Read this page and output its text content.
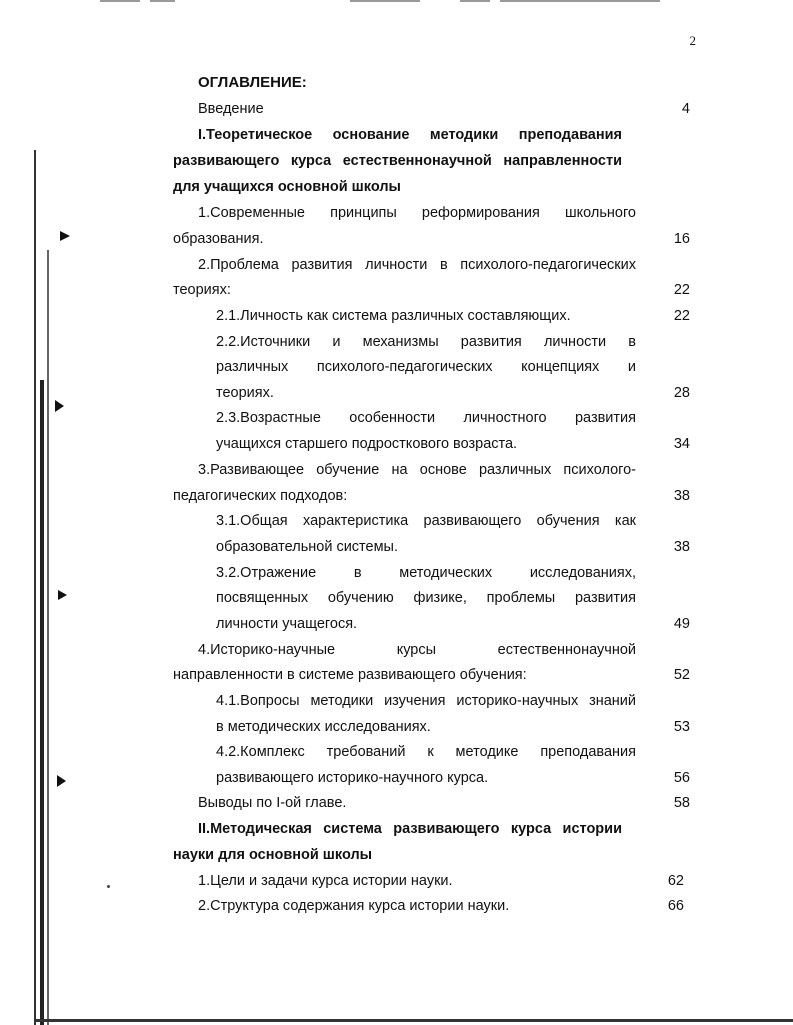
2
ОГЛАВЛЕНИЕ:
Введение	4
I.Теоретическое основание методики преподавания
развивающего курса естественнонаучной направленности
для учащихся основной школы
1.Современные принципы реформирования школьного
образования.	16
2.Проблема развития личности в психолого-педагогических
теориях:	22
2.1.Личность как система различных составляющих.	22
2.2.Источники и механизмы развития личности в
различных психолого-педагогических концепциях и
теориях.	28
2.3.Возрастные особенности личностного развития
учащихся старшего подросткового возраста.	34
3.Развивающее обучение на основе различных психолого-
педагогических подходов:	38
3.1.Общая характеристика развивающего обучения как
образовательной системы.	38
3.2.Отражение в методических исследованиях,
посвященных обучению физике, проблемы развития
личности учащегося.	49
4.Историко-научные курсы естественнонаучной
направленности в системе развивающего обучения:	52
4.1.Вопросы методики изучения историко-научных знаний
в методических исследованиях.	53
4.2.Комплекс требований к методике преподавания
развивающего историко-научного курса.	56
Выводы по I-ой главе.	58
II.Методическая система развивающего курса истории
науки для основной школы
1.Цели и задачи курса истории науки.	62
2.Структура содержания курса истории науки.	66
